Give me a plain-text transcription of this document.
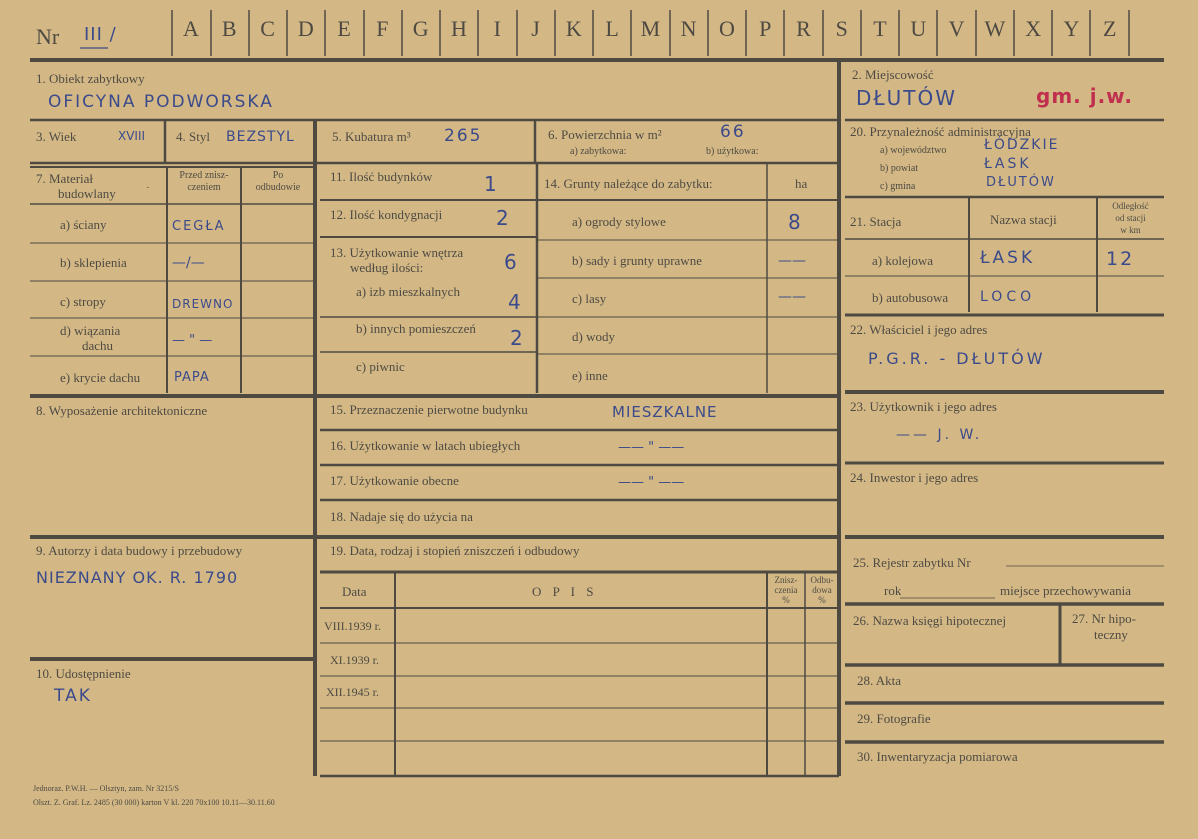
Nr III /	A	B	C	D	E	F	G	H	I	J	K	L M N	O	P	R	S	T	U	V W X	Y	Z
1. Obiekt zabytkowy
OFICYNA PODWORSKA
2. Miejscowość
DŁUTÓW	gm. j.w.
3. Wiek	XVIII 4. Styl BEZSTYL	5. Kubatura m³ 265	6. Powierzchnia w m²	66
a) zabytkowa:	b) użytkowa:
7. Materiał
budowlany	·
Przed znisz-
czeniem
Po
odbudowie
a) ściany	CEGŁA
b) sklepienia	—/—
c) stropy	DREWNO
d) wiązania
dachu	— " —
e) krycie dachu	PAPA
8. Wyposażenie architektoniczne
9. Autorzy i data budowy i przebudowy
NIEZNANY OK. R. 1790
10. Udostępnienie
TAK
11. Ilość budynków	1
12. Ilość kondygnacji	2
13. Użytkowanie wnętrza
według ilości:	6
a) izb mieszkalnych 4
b) innych pomieszczeń 2
c) piwnic
14. Grunty należące do zabytku:	ha
a) ogrody stylowe	8
b) sady i grunty uprawne	——
c) lasy	——
d) wody
e) inne
15. Przeznaczenie pierwotne budynku	MIESZKALNE
16. Użytkowanie w latach ubiegłych	—— " ——
17. Użytkowanie obecne	—— " ——
18. Nadaje się do użycia na
19. Data, rodzaj i stopień zniszczeń i odbudowy
Data	O P I S
Znisz-
czenia
%
Odbu-
dowa
%
VIII.1939 r.
XI.1939 r.
XII.1945 r.
20. Przynależność administracyjna
a) województwo	ŁÓDZKIE
b) powiat	ŁASK
c) gmina	DŁUTÓW
21. Stacja	Nazwa stacji
Odległość
od stacji
w km
a) kolejowa	ŁASK	12
b) autobusowa LOCO
22. Właściciel i jego adres
P.G.R. - DŁUTÓW
23. Użytkownik i jego adres
—— J. W.
24. Inwestor i jego adres
25. Rejestr zabytku Nr
rok	miejsce przechowywania
26. Nazwa księgi hipotecznej	27. Nr hipo-
teczny
28. Akta
29. Fotografie
30. Inwentaryzacja pomiarowa
Jednoraz. P.W.H. — Olsztyn, zam. Nr 3215/S
Olszt. Z. Graf. Lz. 2485 (30 000) karton V kl. 220 70x100 10.11—30.11.60
